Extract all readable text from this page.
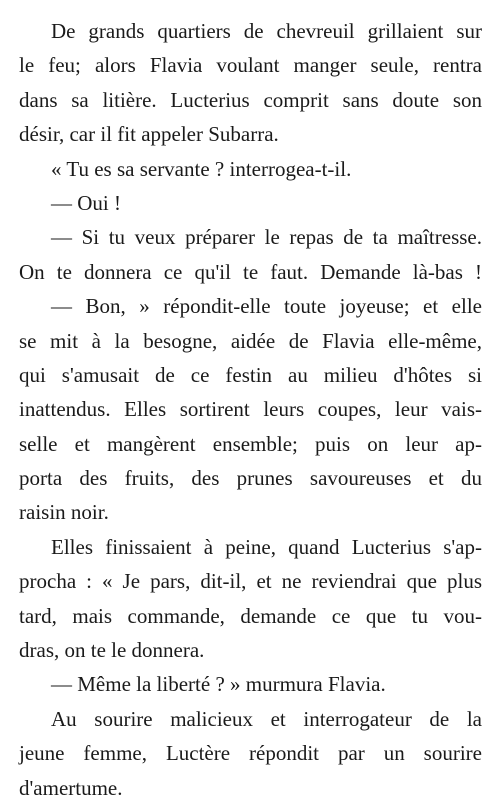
De grands quartiers de chevreuil grillaient sur
le feu; alors Flavia voulant manger seule, rentra
dans sa litière. Lucterius comprit sans doute son
désir, car il fit appeler Subarra.
« Tu es sa servante ? interrogea-t-il.
— Oui !
— Si tu veux préparer le repas de ta maîtresse.
On te donnera ce qu'il te faut. Demande là-bas !
— Bon, » répondit-elle toute joyeuse; et elle
se mit à la besogne, aidée de Flavia elle-même,
qui s'amusait de ce festin au milieu d'hôtes si
inattendus. Elles sortirent leurs coupes, leur vais-
selle et mangèrent ensemble; puis on leur ap-
porta des fruits, des prunes savoureuses et du
raisin noir.
Elles finissaient à peine, quand Lucterius s'ap-
procha : « Je pars, dit-il, et ne reviendrai que plus
tard, mais commande, demande ce que tu vou-
dras, on te le donnera.
— Même la liberté ? » murmura Flavia.
Au sourire malicieux et interrogateur de la
jeune femme, Luctère répondit par un sourire
d'amertume.
